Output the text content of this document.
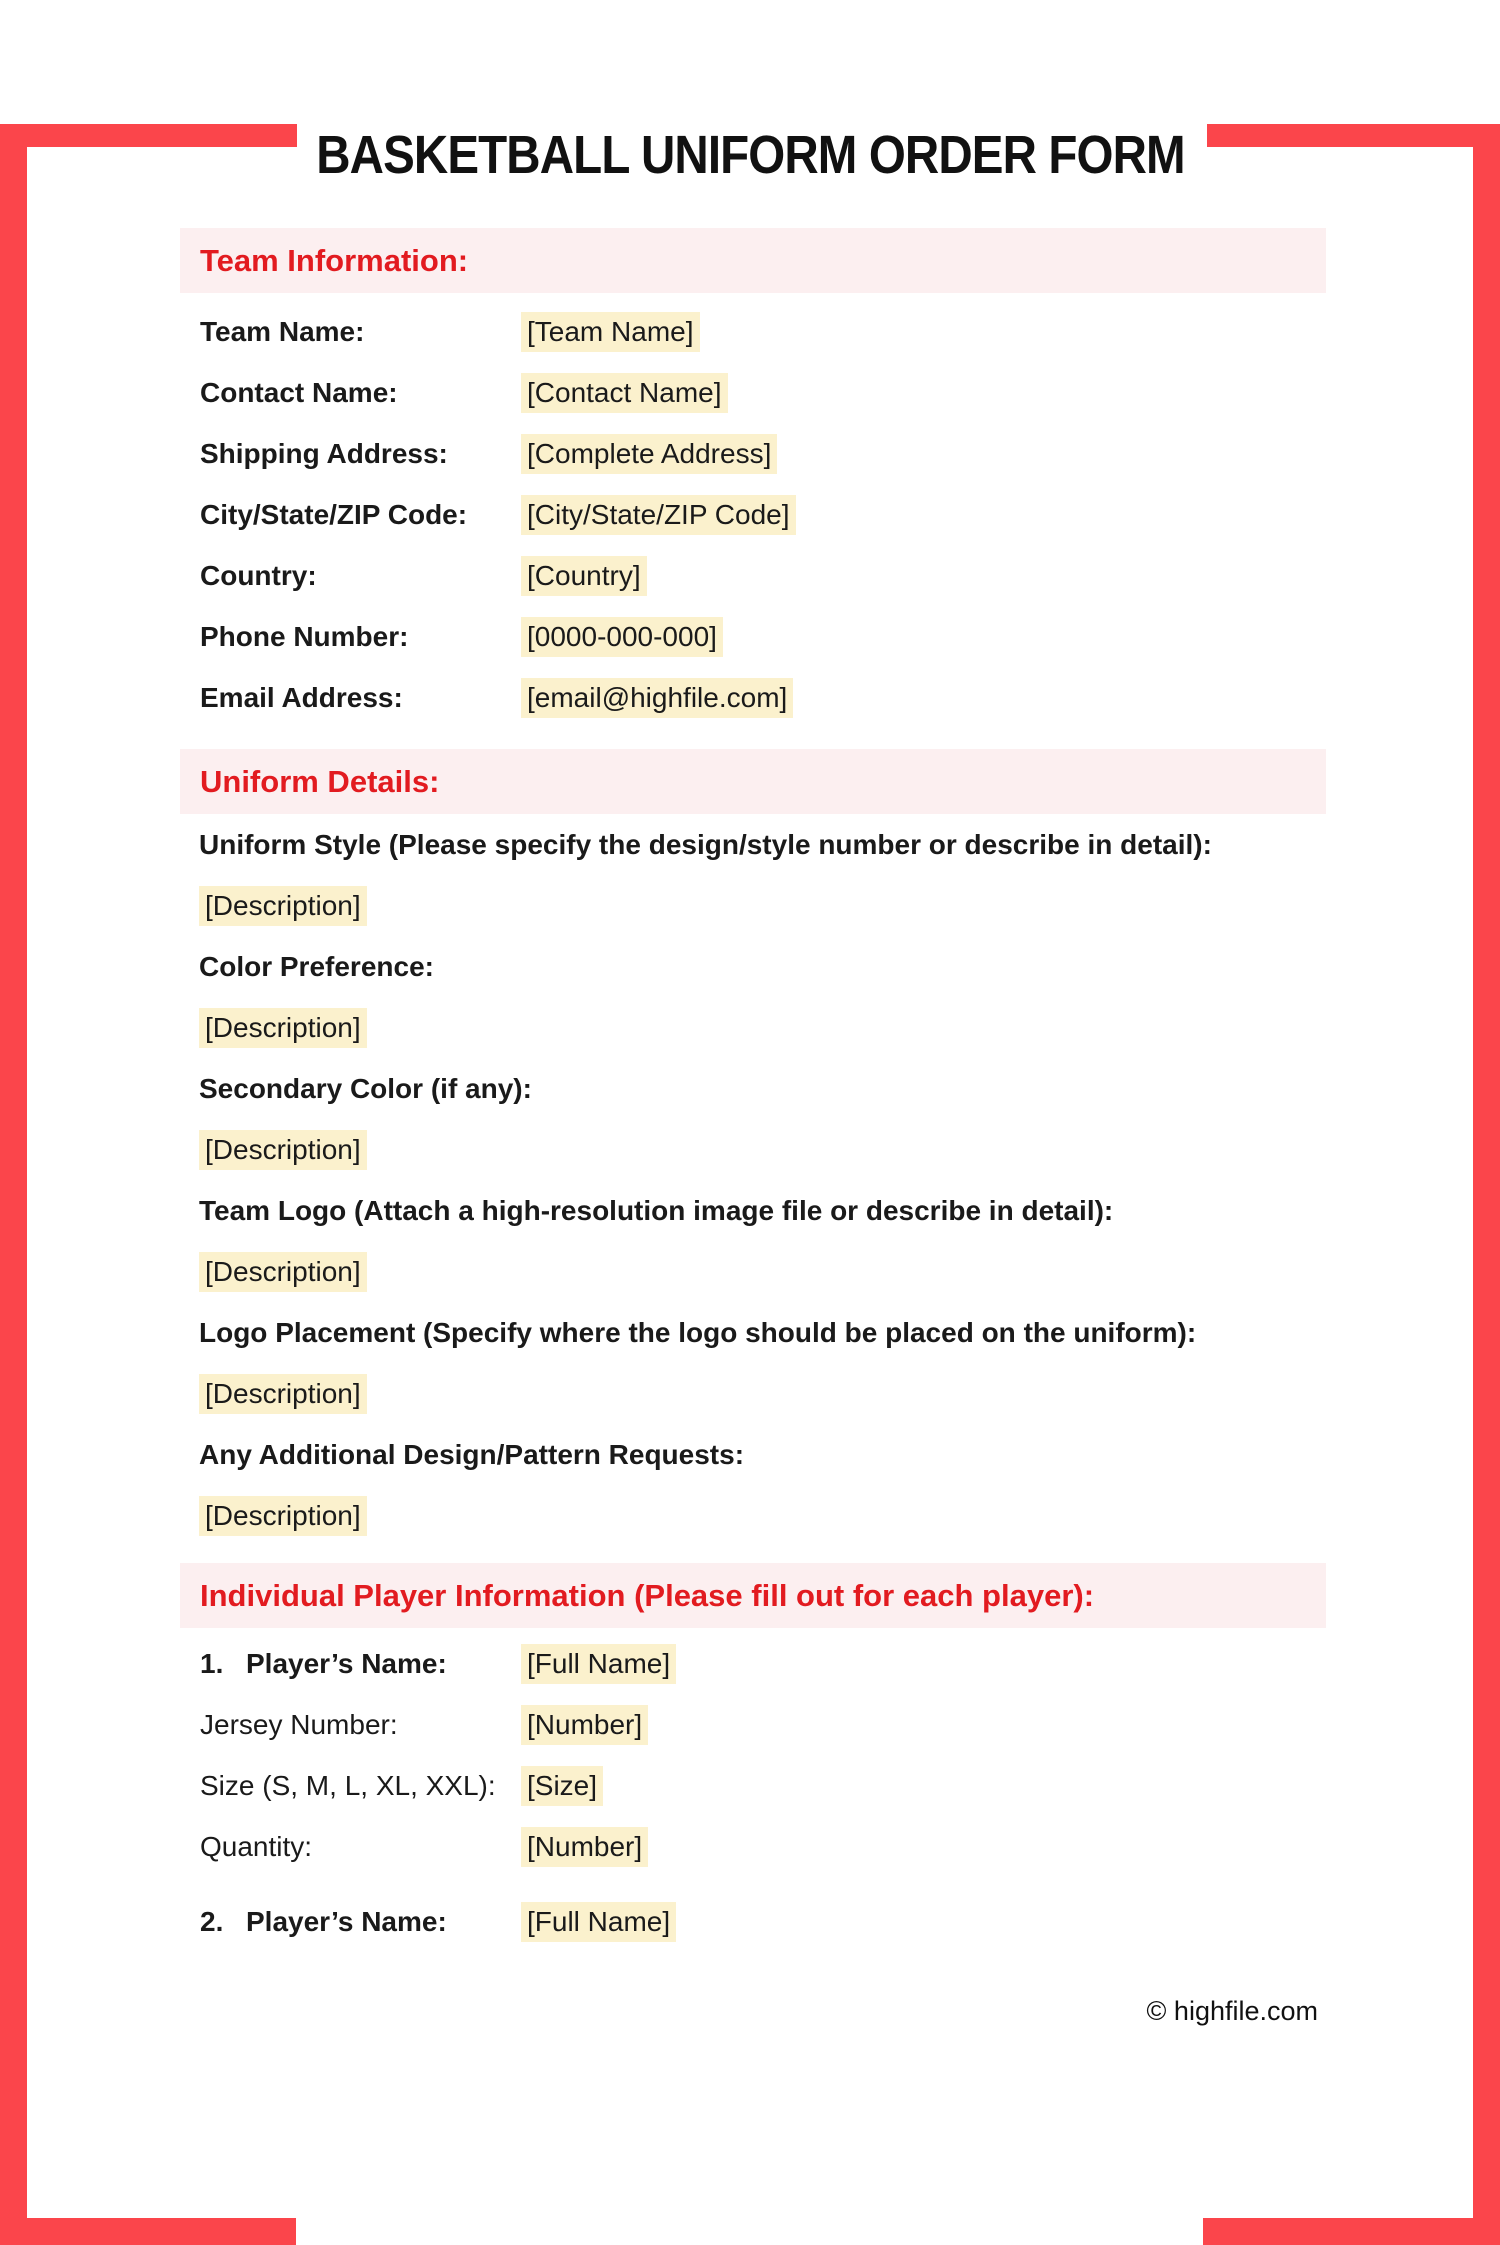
BASKETBALL UNIFORM ORDER FORM
Team Information:
Team Name:	[Team Name]
Contact Name:	[Contact Name]
Shipping Address:	[Complete Address]
City/State/ZIP Code:	[City/State/ZIP Code]
Country:	[Country]
Phone Number:	[0000-000-000]
Email Address:	[email@highfile.com]
Uniform Details:
Uniform Style (Please specify the design/style number or describe in detail):
[Description]
Color Preference:
[Description]
Secondary Color (if any):
[Description]
Team Logo (Attach a high-resolution image file or describe in detail):
[Description]
Logo Placement (Specify where the logo should be placed on the uniform):
[Description]
Any Additional Design/Pattern Requests:
[Description]
Individual Player Information (Please fill out for each player):
1. Player’s Name:	[Full Name]
Jersey Number:	[Number]
Size (S, M, L, XL, XXL):	[Size]
Quantity:	[Number]
2. Player’s Name:	[Full Name]
© highfile.com
